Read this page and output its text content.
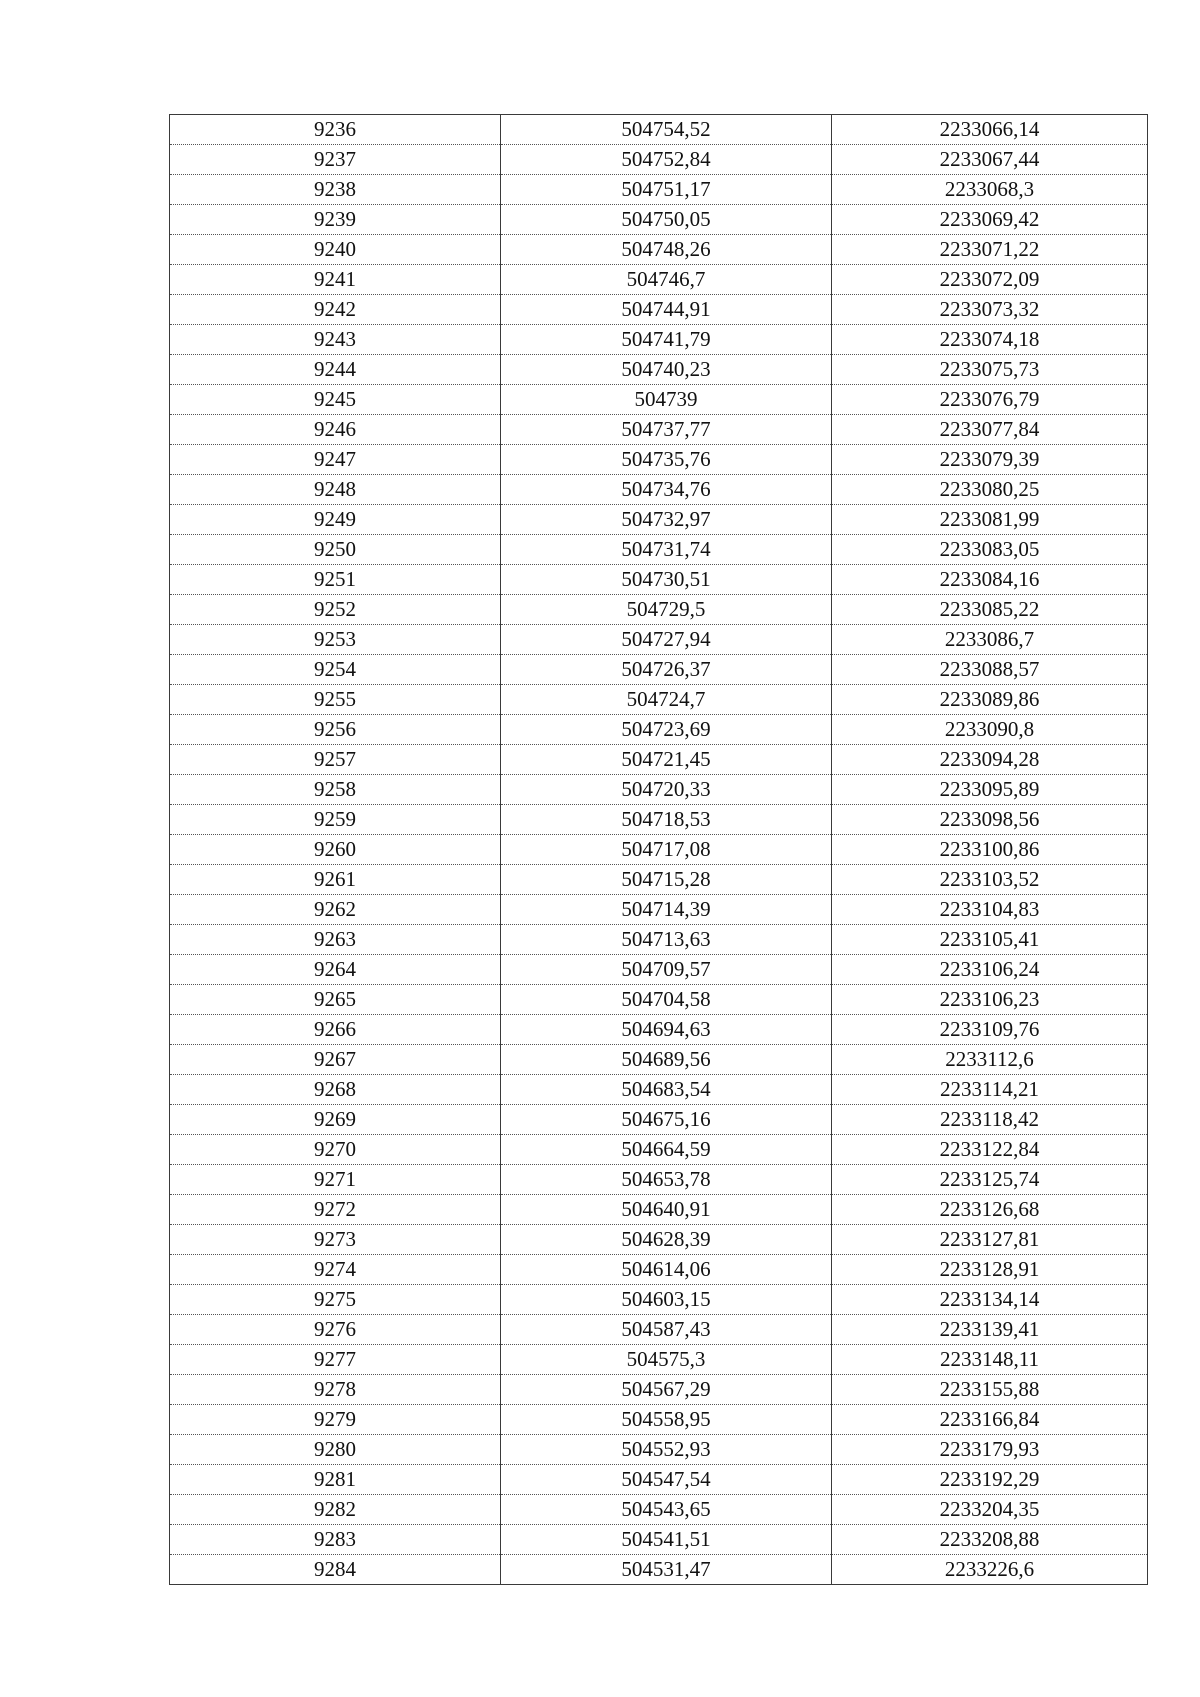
9236	504754,52	2233066,14
9237	504752,84	2233067,44
9238	504751,17	2233068,3
9239	504750,05	2233069,42
9240	504748,26	2233071,22
9241	504746,7	2233072,09
9242	504744,91	2233073,32
9243	504741,79	2233074,18
9244	504740,23	2233075,73
9245	504739	2233076,79
9246	504737,77	2233077,84
9247	504735,76	2233079,39
9248	504734,76	2233080,25
9249	504732,97	2233081,99
9250	504731,74	2233083,05
9251	504730,51	2233084,16
9252	504729,5	2233085,22
9253	504727,94	2233086,7
9254	504726,37	2233088,57
9255	504724,7	2233089,86
9256	504723,69	2233090,8
9257	504721,45	2233094,28
9258	504720,33	2233095,89
9259	504718,53	2233098,56
9260	504717,08	2233100,86
9261	504715,28	2233103,52
9262	504714,39	2233104,83
9263	504713,63	2233105,41
9264	504709,57	2233106,24
9265	504704,58	2233106,23
9266	504694,63	2233109,76
9267	504689,56	2233112,6
9268	504683,54	2233114,21
9269	504675,16	2233118,42
9270	504664,59	2233122,84
9271	504653,78	2233125,74
9272	504640,91	2233126,68
9273	504628,39	2233127,81
9274	504614,06	2233128,91
9275	504603,15	2233134,14
9276	504587,43	2233139,41
9277	504575,3	2233148,11
9278	504567,29	2233155,88
9279	504558,95	2233166,84
9280	504552,93	2233179,93
9281	504547,54	2233192,29
9282	504543,65	2233204,35
9283	504541,51	2233208,88
9284	504531,47	2233226,6
